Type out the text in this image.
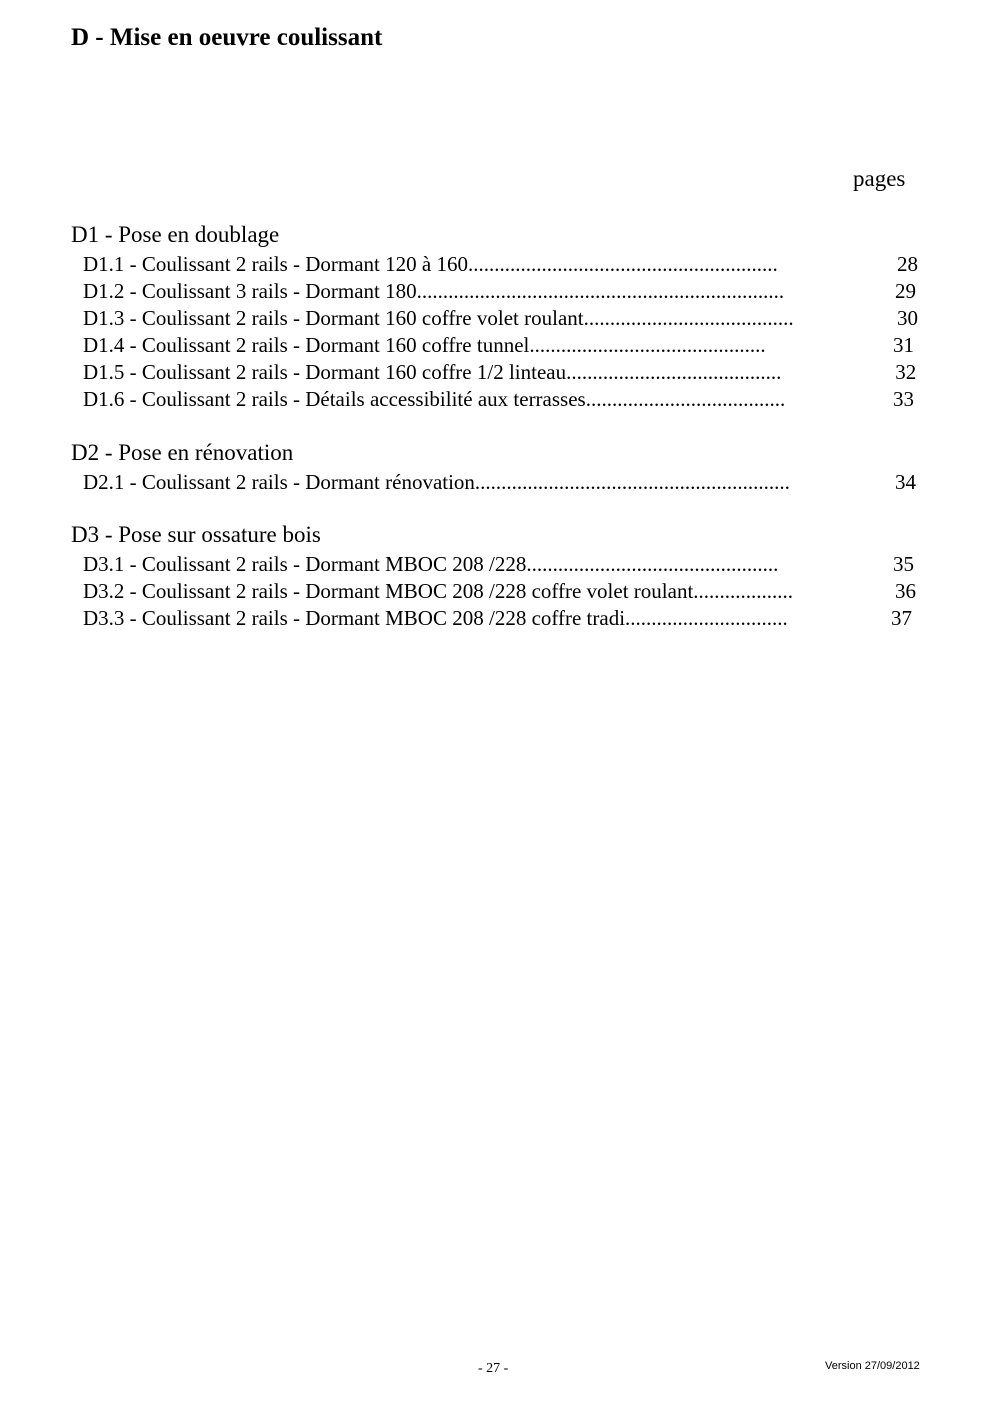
D - Mise en oeuvre coulissant
pages
D1 - Pose en doublage
D1.1 - Coulissant 2 rails - Dormant 120 à 160...........................................................	28
D1.2 - Coulissant 3 rails - Dormant 180......................................................................	29
D1.3 - Coulissant 2 rails - Dormant 160 coffre volet roulant........................................	30
D1.4 - Coulissant 2 rails - Dormant 160 coffre tunnel.............................................	31
D1.5 - Coulissant 2 rails - Dormant 160 coffre 1/2 linteau.........................................	32
D1.6 - Coulissant 2 rails - Détails accessibilité aux terrasses......................................	33
D2 - Pose en rénovation
D2.1 - Coulissant 2 rails - Dormant rénovation............................................................	34
D3 - Pose sur ossature bois
D3.1 - Coulissant 2 rails - Dormant MBOC 208 /228................................................	35
D3.2 - Coulissant 2 rails - Dormant MBOC 208 /228 coffre volet roulant...................	36
D3.3 - Coulissant 2 rails - Dormant MBOC 208 /228 coffre tradi...............................	37
- 27 -	Version 27/09/2012
